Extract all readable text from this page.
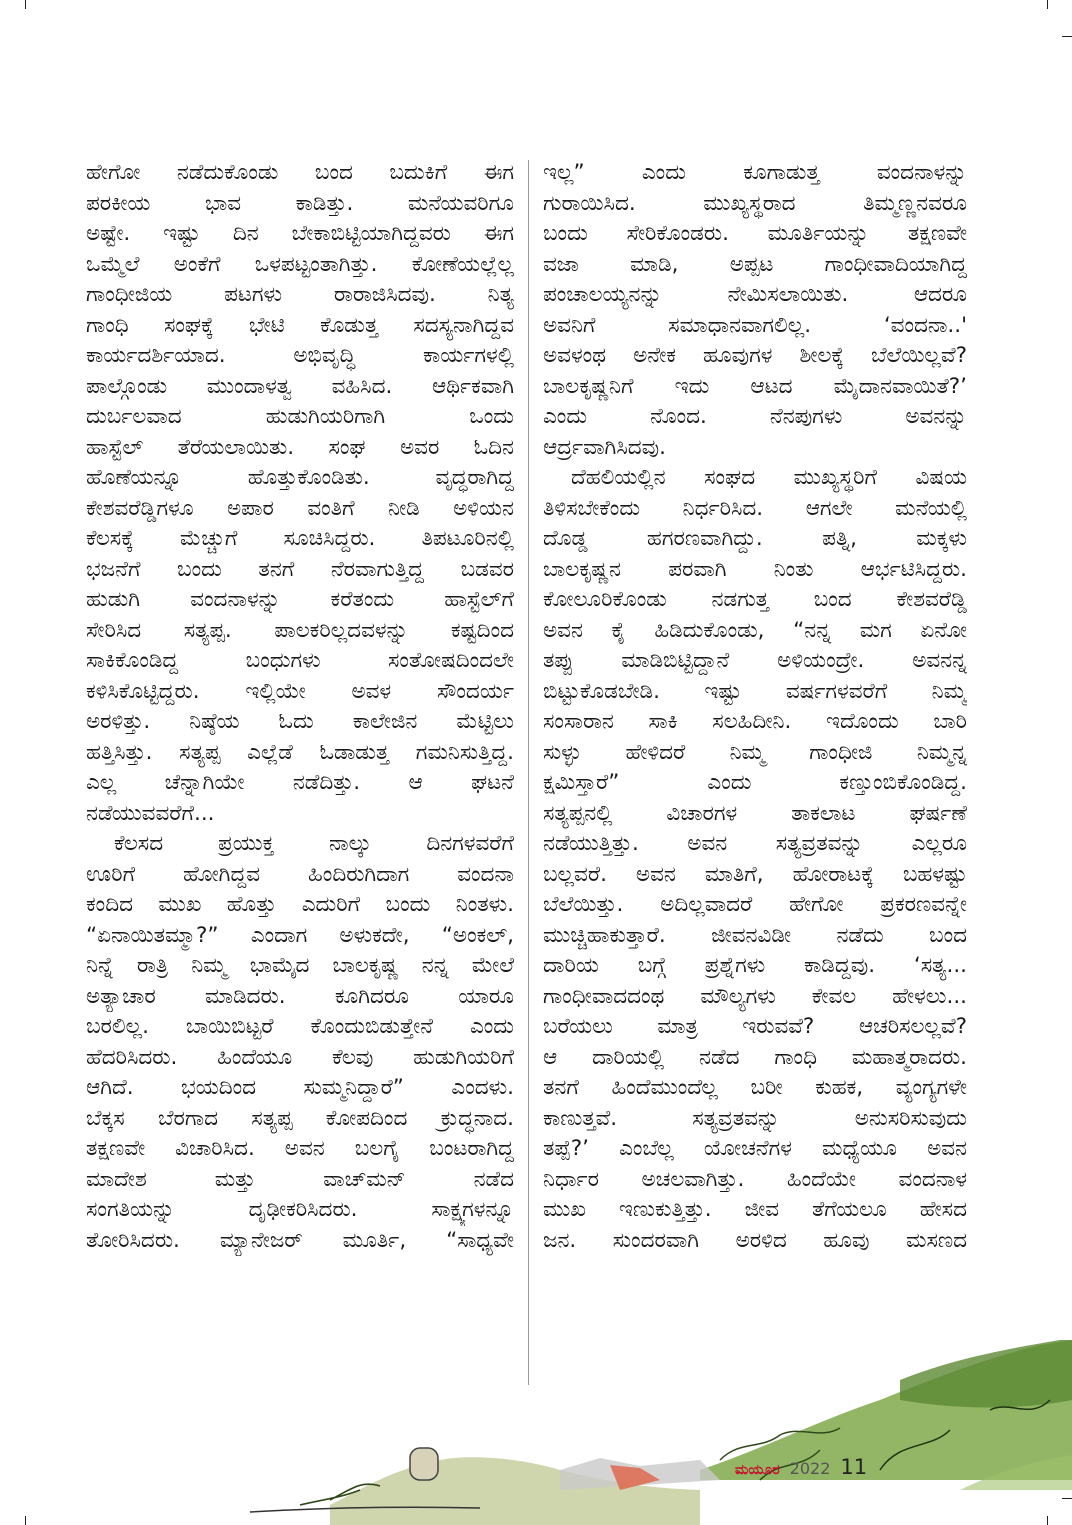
ಹೇಗೋ ನಡೆದುಕೊಂಡು ಬಂದ ಬದುಕಿಗೆ ಈಗ
ಪರಕೀಯ ಭಾವ ಕಾಡಿತ್ತು. ಮನೆಯವರಿಗೂ
ಅಷ್ಟೇ. ಇಷ್ಟು ದಿನ ಬೇಕಾಬಿಟ್ಟಿಯಾಗಿದ್ದವರು ಈಗ
ಒಮ್ಮೆಲೆ ಅಂಕೆಗೆ ಒಳಪಟ್ಟಂತಾಗಿತ್ತು. ಕೋಣೆಯಲ್ಲೆಲ್ಲ
ಗಾಂಧೀಜಿಯ ಪಟಗಳು ರಾರಾಜಿಸಿದವು. ನಿತ್ಯ
ಗಾಂಧಿ ಸಂಘಕ್ಕೆ ಭೇಟಿ ಕೊಡುತ್ತ ಸದಸ್ಯನಾಗಿದ್ದವ
ಕಾರ್ಯದರ್ಶಿಯಾದ. ಅಭಿವೃದ್ಧಿ ಕಾರ್ಯಗಳಲ್ಲಿ
ಪಾಲ್ಗೊಂಡು ಮುಂದಾಳತ್ವ ವಹಿಸಿದ. ಆರ್ಥಿಕವಾಗಿ
ದುರ್ಬಲವಾದ ಹುಡುಗಿಯರಿಗಾಗಿ ಒಂದು
ಹಾಸ್ಟೆಲ್ ತೆರೆಯಲಾಯಿತು. ಸಂಘ ಅವರ ಓದಿನ
ಹೊಣೆಯನ್ನೂ ಹೊತ್ತುಕೊಂಡಿತು. ವೃದ್ಧರಾಗಿದ್ದ
ಕೇಶವರೆಡ್ಡಿಗಳೂ ಅಪಾರ ವಂತಿಗೆ ನೀಡಿ ಅಳಿಯನ
ಕೆಲಸಕ್ಕೆ ಮೆಚ್ಚುಗೆ ಸೂಚಿಸಿದ್ದರು. ತಿಪಟೂರಿನಲ್ಲಿ
ಭಜನೆಗೆ ಬಂದು ತನಗೆ ನೆರವಾಗುತ್ತಿದ್ದ ಬಡವರ
ಹುಡುಗಿ ವಂದನಾಳನ್ನು ಕರೆತಂದು ಹಾಸ್ಟೆಲ್‌ಗೆ
ಸೇರಿಸಿದ ಸತ್ಯಪ್ಪ. ಪಾಲಕರಿಲ್ಲದವಳನ್ನು ಕಷ್ಟದಿಂದ
ಸಾಕಿಕೊಂಡಿದ್ದ ಬಂಧುಗಳು ಸಂತೋಷದಿಂದಲೇ
ಕಳಿಸಿಕೊಟ್ಟಿದ್ದರು. ಇಲ್ಲಿಯೇ ಅವಳ ಸೌಂದರ್ಯ
ಅರಳಿತ್ತು. ನಿಷ್ಠೆಯ ಓದು ಕಾಲೇಜಿನ ಮೆಟ್ಟಿಲು
ಹತ್ತಿಸಿತ್ತು. ಸತ್ಯಪ್ಪ ಎಲ್ಲೆಡೆ ಓಡಾಡುತ್ತ ಗಮನಿಸುತ್ತಿದ್ದ.
ಎಲ್ಲ ಚೆನ್ನಾಗಿಯೇ ನಡೆದಿತ್ತು. ಆ ಘಟನೆ
ನಡೆಯುವವರೆಗೆ...
ಕೆಲಸದ ಪ್ರಯುಕ್ತ ನಾಲ್ಕು ದಿನಗಳವರೆಗೆ
ಊರಿಗೆ ಹೋಗಿದ್ದವ ಹಿಂದಿರುಗಿದಾಗ ವಂದನಾ
ಕಂದಿದ ಮುಖ ಹೊತ್ತು ಎದುರಿಗೆ ಬಂದು ನಿಂತಳು.
“ಏನಾಯಿತಮ್ಮಾ?” ಎಂದಾಗ ಅಳುಕದೇ, “ಅಂಕಲ್,
ನಿನ್ನೆ ರಾತ್ರಿ ನಿಮ್ಮ ಭಾಮೈದ ಬಾಲಕೃಷ್ಣ ನನ್ನ ಮೇಲೆ
ಅತ್ಯಾಚಾರ ಮಾಡಿದರು. ಕೂಗಿದರೂ ಯಾರೂ
ಬರಲಿಲ್ಲ. ಬಾಯಿಬಿಟ್ಟರೆ ಕೊಂದುಬಿಡುತ್ತೇನೆ ಎಂದು
ಹೆದರಿಸಿದರು. ಹಿಂದೆಯೂ ಕೆಲವು ಹುಡುಗಿಯರಿಗೆ
ಆಗಿದೆ. ಭಯದಿಂದ ಸುಮ್ಮನಿದ್ದಾರೆ” ಎಂದಳು.
ಬೆಕ್ಕಸ ಬೆರಗಾದ ಸತ್ಯಪ್ಪ ಕೋಪದಿಂದ ಕ್ರುದ್ಧನಾದ.
ತಕ್ಷಣವೇ ವಿಚಾರಿಸಿದ. ಅವನ ಬಲಗೈ ಬಂಟರಾಗಿದ್ದ
ಮಾದೇಶ ಮತ್ತು ವಾಚ್‌ಮನ್ ನಡೆದ
ಸಂಗತಿಯನ್ನು ದೃಢೀಕರಿಸಿದರು. ಸಾಕ್ಷ್ಯಗಳನ್ನೂ
ತೋರಿಸಿದರು. ಮ್ಯಾನೇಜರ್ ಮೂರ್ತಿ, “ಸಾಧ್ಯವೇ
ಇಲ್ಲ” ಎಂದು ಕೂಗಾಡುತ್ತ ವಂದನಾಳನ್ನು
ಗುರಾಯಿಸಿದ. ಮುಖ್ಯಸ್ಥರಾದ ತಿಮ್ಮಣ್ಣನವರೂ
ಬಂದು ಸೇರಿಕೊಂಡರು. ಮೂರ್ತಿಯನ್ನು ತಕ್ಷಣವೇ
ವಜಾ ಮಾಡಿ, ಅಪ್ಪಟ ಗಾಂಧೀವಾದಿಯಾಗಿದ್ದ
ಪಂಚಾಲಯ್ಯನನ್ನು ನೇಮಿಸಲಾಯಿತು. ಆದರೂ
ಅವನಿಗೆ ಸಮಾಧಾನವಾಗಲಿಲ್ಲ. ‘ವಂದನಾ..'
ಅವಳಂಥ ಅನೇಕ ಹೂವುಗಳ ಶೀಲಕ್ಕೆ ಬೆಲೆಯಿಲ್ಲವೆ?
ಬಾಲಕೃಷ್ಣನಿಗೆ ಇದು ಆಟದ ಮೈದಾನವಾಯಿತೆ?’
ಎಂದು ನೊಂದ. ನೆನಪುಗಳು ಅವನನ್ನು
ಆರ್ದ್ರವಾಗಿಸಿದವು.
ದೆಹಲಿಯಲ್ಲಿನ ಸಂಘದ ಮುಖ್ಯಸ್ಥರಿಗೆ ವಿಷಯ
ತಿಳಿಸಬೇಕೆಂದು ನಿರ್ಧರಿಸಿದ. ಆಗಲೇ ಮನೆಯಲ್ಲಿ
ದೊಡ್ಡ ಹಗರಣವಾಗಿದ್ದು. ಪತ್ನಿ, ಮಕ್ಕಳು
ಬಾಲಕೃಷ್ಣನ ಪರವಾಗಿ ನಿಂತು ಆರ್ಭಟಿಸಿದ್ದರು.
ಕೋಲೂರಿಕೊಂಡು ನಡಗುತ್ತ ಬಂದ ಕೇಶವರೆಡ್ಡಿ
ಅವನ ಕೈ ಹಿಡಿದುಕೊಂಡು, “ನನ್ನ ಮಗ ಏನೋ
ತಪ್ಪು ಮಾಡಿಬಿಟ್ಟಿದ್ದಾನೆ ಅಳಿಯಂದ್ರೇ. ಅವನನ್ನ
ಬಿಟ್ಟುಕೊಡಬೇಡಿ. ಇಷ್ಟು ವರ್ಷಗಳವರೆಗೆ ನಿಮ್ಮ
ಸಂಸಾರಾನ ಸಾಕಿ ಸಲಹಿದೀನಿ. ಇದೊಂದು ಬಾರಿ
ಸುಳ್ಳು ಹೇಳಿದರೆ ನಿಮ್ಮ ಗಾಂಧೀಜಿ ನಿಮ್ಮನ್ನ
ಕ್ಷಮಿಸ್ತಾರೆ” ಎಂದು ಕಣ್ತುಂಬಿಕೊಂಡಿದ್ದ.
ಸತ್ಯಪ್ಪನಲ್ಲಿ ವಿಚಾರಗಳ ತಾಕಲಾಟ ಘರ್ಷಣೆ
ನಡೆಯುತ್ತಿತ್ತು. ಅವನ ಸತ್ಯವ್ರತವನ್ನು ಎಲ್ಲರೂ
ಬಲ್ಲವರೆ. ಅವನ ಮಾತಿಗೆ, ಹೋರಾಟಕ್ಕೆ ಬಹಳಷ್ಟು
ಬೆಲೆಯಿತ್ತು. ಅದಿಲ್ಲವಾದರೆ ಹೇಗೋ ಪ್ರಕರಣವನ್ನೇ
ಮುಚ್ಚಿಹಾಕುತ್ತಾರೆ. ಜೀವನವಿಡೀ ನಡೆದು ಬಂದ
ದಾರಿಯ ಬಗ್ಗೆ ಪ್ರಶ್ನೆಗಳು ಕಾಡಿದ್ದವು. ‘ಸತ್ಯ...
ಗಾಂಧೀವಾದದಂಥ ಮೌಲ್ಯಗಳು ಕೇವಲ ಹೇಳಲು...
ಬರೆಯಲು ಮಾತ್ರ ಇರುವವೆ? ಆಚರಿಸಲಲ್ಲವೆ?
ಆ ದಾರಿಯಲ್ಲಿ ನಡೆದ ಗಾಂಧಿ ಮಹಾತ್ಮರಾದರು.
ತನಗೆ ಹಿಂದೆಮುಂದೆಲ್ಲ ಬರೀ ಕುಹಕ, ವ್ಯಂಗ್ಯಗಳೇ
ಕಾಣುತ್ತವೆ. ಸತ್ಯವ್ರತವನ್ನು ಅನುಸರಿಸುವುದು
ತಪ್ಪೆ?’ ಎಂಬೆಲ್ಲ ಯೋಚನೆಗಳ ಮಧ್ಯೆಯೂ ಅವನ
ನಿರ್ಧಾರ ಅಚಲವಾಗಿತ್ತು. ಹಿಂದೆಯೇ ವಂದನಾಳ
ಮುಖ ಇಣುಕುತ್ತಿತ್ತು. ಜೀವ ತೆಗೆಯಲೂ ಹೇಸದ
ಜನ. ಸುಂದರವಾಗಿ ಅರಳಿದ ಹೂವು ಮಸಣದ
ಮಯೂರ 2022 11
